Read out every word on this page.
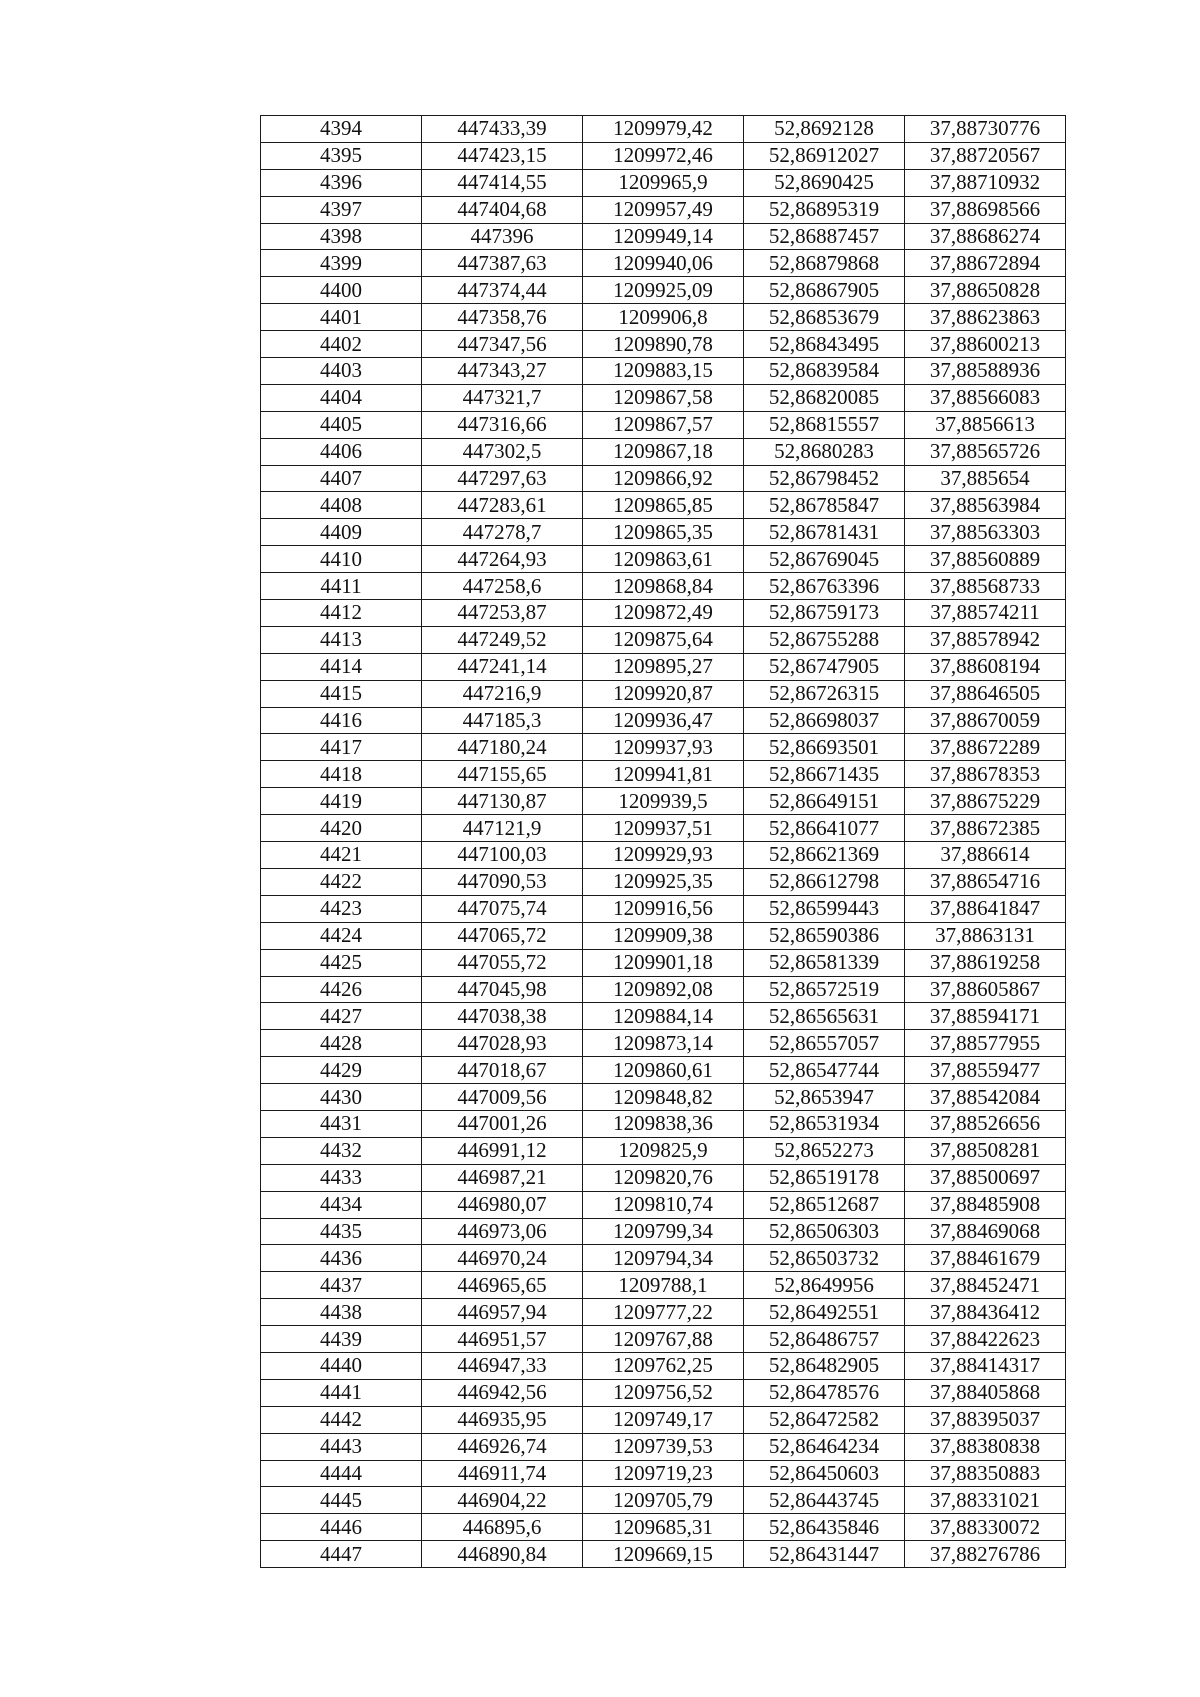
4394	447433,39	1209979,42	52,8692128	37,88730776
4395	447423,15	1209972,46	52,86912027	37,88720567
4396	447414,55	1209965,9	52,8690425	37,88710932
4397	447404,68	1209957,49	52,86895319	37,88698566
4398	447396	1209949,14	52,86887457	37,88686274
4399	447387,63	1209940,06	52,86879868	37,88672894
4400	447374,44	1209925,09	52,86867905	37,88650828
4401	447358,76	1209906,8	52,86853679	37,88623863
4402	447347,56	1209890,78	52,86843495	37,88600213
4403	447343,27	1209883,15	52,86839584	37,88588936
4404	447321,7	1209867,58	52,86820085	37,88566083
4405	447316,66	1209867,57	52,86815557	37,8856613
4406	447302,5	1209867,18	52,8680283	37,88565726
4407	447297,63	1209866,92	52,86798452	37,885654
4408	447283,61	1209865,85	52,86785847	37,88563984
4409	447278,7	1209865,35	52,86781431	37,88563303
4410	447264,93	1209863,61	52,86769045	37,88560889
4411	447258,6	1209868,84	52,86763396	37,88568733
4412	447253,87	1209872,49	52,86759173	37,88574211
4413	447249,52	1209875,64	52,86755288	37,88578942
4414	447241,14	1209895,27	52,86747905	37,88608194
4415	447216,9	1209920,87	52,86726315	37,88646505
4416	447185,3	1209936,47	52,86698037	37,88670059
4417	447180,24	1209937,93	52,86693501	37,88672289
4418	447155,65	1209941,81	52,86671435	37,88678353
4419	447130,87	1209939,5	52,86649151	37,88675229
4420	447121,9	1209937,51	52,86641077	37,88672385
4421	447100,03	1209929,93	52,86621369	37,886614
4422	447090,53	1209925,35	52,86612798	37,88654716
4423	447075,74	1209916,56	52,86599443	37,88641847
4424	447065,72	1209909,38	52,86590386	37,8863131
4425	447055,72	1209901,18	52,86581339	37,88619258
4426	447045,98	1209892,08	52,86572519	37,88605867
4427	447038,38	1209884,14	52,86565631	37,88594171
4428	447028,93	1209873,14	52,86557057	37,88577955
4429	447018,67	1209860,61	52,86547744	37,88559477
4430	447009,56	1209848,82	52,8653947	37,88542084
4431	447001,26	1209838,36	52,86531934	37,88526656
4432	446991,12	1209825,9	52,8652273	37,88508281
4433	446987,21	1209820,76	52,86519178	37,88500697
4434	446980,07	1209810,74	52,86512687	37,88485908
4435	446973,06	1209799,34	52,86506303	37,88469068
4436	446970,24	1209794,34	52,86503732	37,88461679
4437	446965,65	1209788,1	52,8649956	37,88452471
4438	446957,94	1209777,22	52,86492551	37,88436412
4439	446951,57	1209767,88	52,86486757	37,88422623
4440	446947,33	1209762,25	52,86482905	37,88414317
4441	446942,56	1209756,52	52,86478576	37,88405868
4442	446935,95	1209749,17	52,86472582	37,88395037
4443	446926,74	1209739,53	52,86464234	37,88380838
4444	446911,74	1209719,23	52,86450603	37,88350883
4445	446904,22	1209705,79	52,86443745	37,88331021
4446	446895,6	1209685,31	52,86435846	37,88330072
4447	446890,84	1209669,15	52,86431447	37,88276786
